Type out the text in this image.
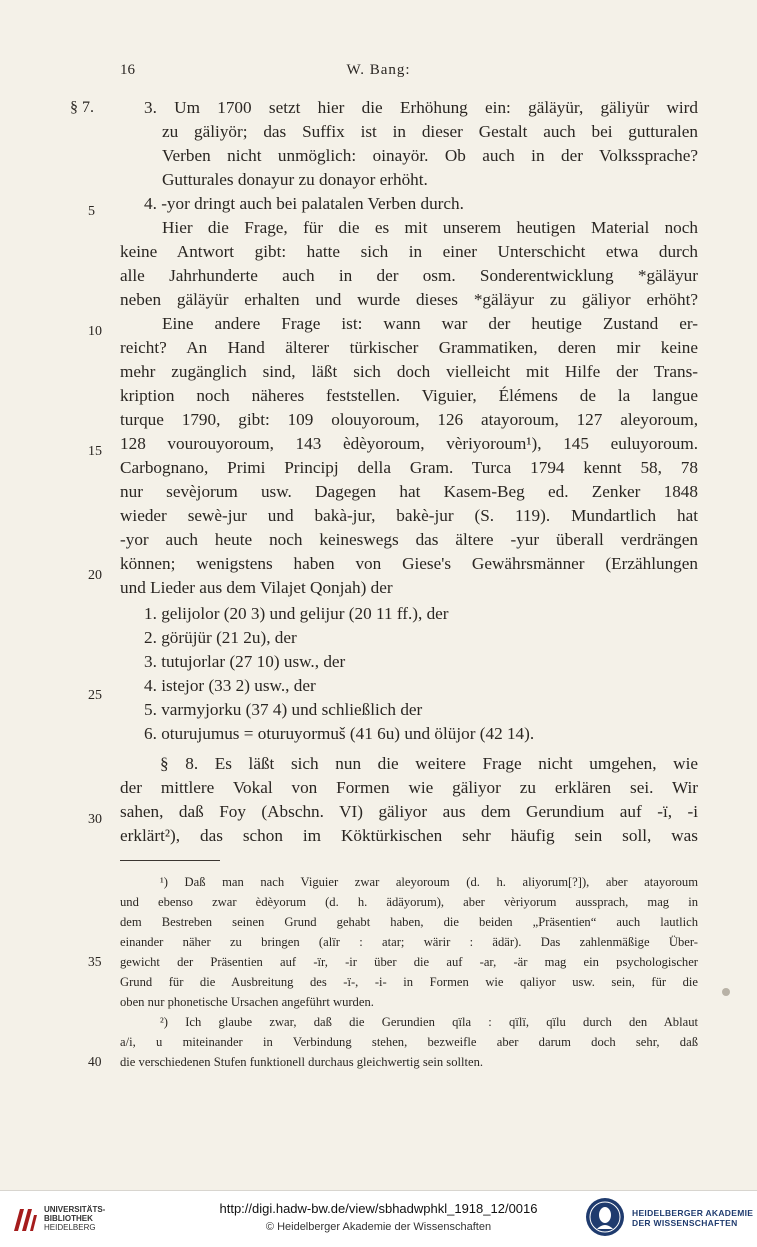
16	W. Bang:
§ 7.
5
10
15
20
25
30
3. Um 1700 setzt hier die Erhöhung ein: gäläyür, gäliyür wird
zu gäliyör; das Suffix ist in dieser Gestalt auch bei gutturalen
Verben nicht unmöglich: oinayör. Ob auch in der Volkssprache?
Gutturales donayur zu donayor erhöht.
4. -yor dringt auch bei palatalen Verben durch.
Hier die Frage, für die es mit unserem heutigen Material noch
keine Antwort gibt: hatte sich in einer Unterschicht etwa durch
alle Jahrhunderte auch in der osm. Sonderentwicklung *gäläyur
neben gäläyür erhalten und wurde dieses *gäläyur zu gäliyor erhöht?
Eine andere Frage ist: wann war der heutige Zustand er-
reicht? An Hand älterer türkischer Grammatiken, deren mir keine
mehr zugänglich sind, läßt sich doch vielleicht mit Hilfe der Trans-
kription noch näheres feststellen. Viguier, Élémens de la langue
turque 1790, gibt: 109 olouyoroum, 126 atayoroum, 127 aleyoroum,
128 vourouyoroum, 143 èdèyoroum, vèriyoroum¹), 145 euluyoroum.
Carbognano, Primi Principj della Gram. Turca 1794 kennt 58, 78
nur sevèjorum usw. Dagegen hat Kasem-Beg ed. Zenker 1848
wieder sewè-jur und bakà-jur, bakè-jur (S. 119). Mundartlich hat
-yor auch heute noch keineswegs das ältere -yur überall verdrängen
können; wenigstens haben von Giese's Gewährsmänner (Erzählungen
und Lieder aus dem Vilajet Qonjah) der
1. gelijolor (20 3) und gelijur (20 11 ff.), der
2. görüjür (21 2u), der
3. tutujorlar (27 10) usw., der
4. istejor (33 2) usw., der
5. varmyjorku (37 4) und schließlich der
6. oturujumus = oturuyormuš (41 6u) und ölüjor (42 14).
§ 8. Es läßt sich nun die weitere Frage nicht umgehen, wie
der mittlere Vokal von Formen wie gäliyor zu erklären sei. Wir
sahen, daß Foy (Abschn. VI) gäliyor aus dem Gerundium auf -ï, -i
erklärt²), das schon im Köktürkischen sehr häufig sein soll, was
35
40
¹) Daß man nach Viguier zwar aleyoroum (d. h. aliyorum[?]), aber atayoroum
und ebenso zwar èdèyorum (d. h. ädäyorum), aber vèriyorum aussprach, mag in
dem Bestreben seinen Grund gehabt haben, die beiden „Präsentien“ auch lautlich
einander näher zu bringen (alïr : atar; wärir : ädär). Das zahlenmäßige Über-
gewicht der Präsentien auf -ïr, -ir über die auf -ar, -är mag ein psychologischer
Grund für die Ausbreitung des -ï-, -i- in Formen wie qaliyor usw. sein, für die
oben nur phonetische Ursachen angeführt wurden.
²) Ich glaube zwar, daß die Gerundien qïla : qïlï, qïlu durch den Ablaut
a/i, u miteinander in Verbindung stehen, bezweifle aber darum doch sehr, daß
die verschiedenen Stufen funktionell durchaus gleichwertig sein sollten.
UNIVERSITÄTS-
BIBLIOTHEK
HEIDELBERG
http://digi.hadw-bw.de/view/sbhadwphkl_1918_12/0016
© Heidelberger Akademie der Wissenschaften
HEIDELBERGER AKADEMIE
DER WISSENSCHAFTEN
